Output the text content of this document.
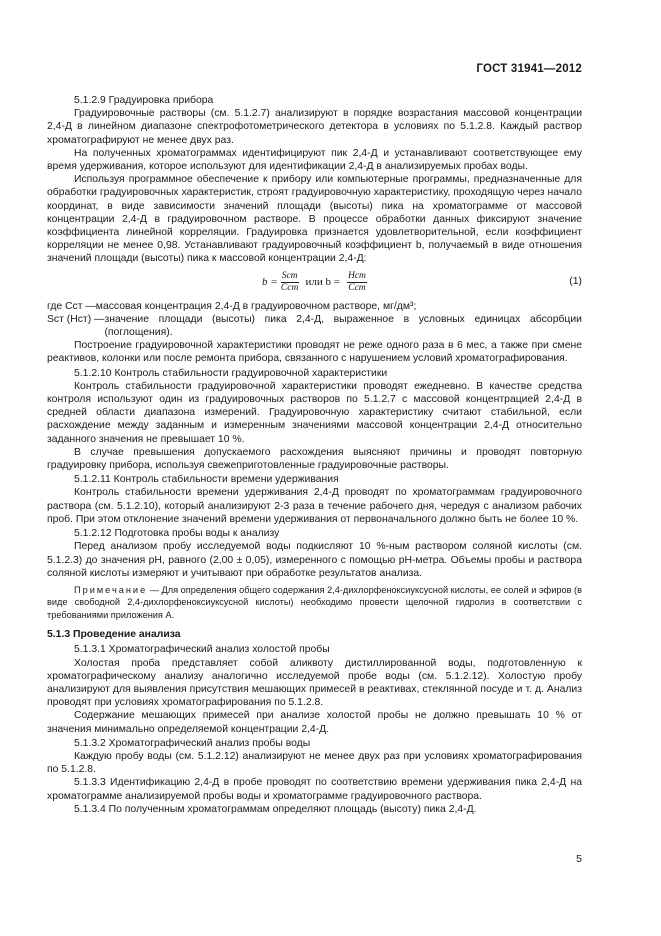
ГОСТ 31941—2012

5.1.2.9 Градуировка прибора

Градуировочные растворы (см. 5.1.2.7) анализируют в порядке возрастания массовой концентрации 2,4-Д в линейном диапазоне спектрофотометрического детектора в условиях по 5.1.2.8. Каждый раствор хроматографируют не менее двух раз.

На полученных хроматограммах идентифицируют пик 2,4-Д и устанавливают соответствующее ему время удерживания, которое используют для идентификации 2,4-Д в анализируемых пробах воды.

Используя программное обеспечение к прибору или компьютерные программы, предназначенные для обработки градуировочных характеристик, строят градуировочную характеристику, проходящую через начало координат, в виде зависимости значений площади (высоты) пика на хроматограмме от массовой концентрации 2,4-Д в градуировочном растворе. В процессе обработки данных фиксируют значение коэффициента линейной корреляции. Градуировка признается удовлетворительной, если коэффициент корреляции не менее 0,98. Устанавливают градуировочный коэффициент b, получаемый в виде отношения значений площади (высоты) пика к массовой концентрации 2,4-Д:

$b = \frac{\text{Sст}}{\text{Cст}}$ или $b = \frac{\text{Hст}}{\text{Cст}}$	(1)
где Cст — массовая концентрация 2,4-Д в градуировочном растворе, мг/дм³;
Sст (Hст) — значение площади (высоты) пика 2,4-Д, выраженное в условных единицах абсорбции (поглощения).

Построение градуировочной характеристики проводят не реже одного раза в 6 мес, а также при смене реактивов, колонки или после ремонта прибора, связанного с нарушением условий хроматографирования.

5.1.2.10 Контроль стабильности градуировочной характеристики

Контроль стабильности градуировочной характеристики проводят ежедневно. В качестве средства контроля используют один из градуировочных растворов по 5.1.2.7 с массовой концентрацией 2,4-Д в средней области диапазона измерений. Градуировочную характеристику считают стабильной, если расхождение между заданным и измеренным значениями массовой концентрации 2,4-Д относительно заданного значения не превышает 10 %.

В случае превышения допускаемого расхождения выясняют причины и проводят повторную градуировку прибора, используя свежеприготовленные градуировочные растворы.

5.1.2.11 Контроль стабильности времени удерживания

Контроль стабильности времени удерживания 2,4-Д проводят по хроматограммам градуировочного раствора (см. 5.1.2.10), который анализируют 2-3 раза в течение рабочего дня, чередуя с анализом рабочих проб. При этом отклонение значений времени удерживания от первоначального должно быть не более 10 %.

5.1.2.12 Подготовка пробы воды к анализу

Перед анализом пробу исследуемой воды подкисляют 10 %-ным раствором соляной кислоты (см. 5.1.2.3) до значения pH, равного (2,00 ± 0,05), измеренного с помощью pH-метра. Объемы пробы и раствора соляной кислоты измеряют и учитывают при обработке результатов анализа.

Примечание — Для определения общего содержания 2,4-дихлорфеноксиуксусной кислоты, ее солей и эфиров (в виде свободной 2,4-дихлорфеноксиуксусной кислоты) необходимо провести щелочной гидролиз в соответствии с требованиями приложения А.

5.1.3 Проведение анализа

5.1.3.1 Хроматографический анализ холостой пробы

Холостая проба представляет собой аликвоту дистиллированной воды, подготовленную к хроматографическому анализу аналогично исследуемой пробе воды (см. 5.1.2.12). Холостую пробу анализируют для выявления присутствия мешающих примесей в реактивах, стеклянной посуде и т. д. Анализ проводят при условиях хроматографирования по 5.1.2.8.

Содержание мешающих примесей при анализе холостой пробы не должно превышать 10 % от значения минимально определяемой концентрации 2,4-Д.

5.1.3.2 Хроматографический анализ пробы воды

Каждую пробу воды (см. 5.1.2.12) анализируют не менее двух раз при условиях хроматографирования по 5.1.2.8.

5.1.3.3 Идентификацию 2,4-Д в пробе проводят по соответствию времени удерживания пика 2,4-Д на хроматограмме анализируемой пробы воды и хроматограмме градуировочного раствора.

5.1.3.4 По полученным хроматограммам определяют площадь (высоту) пика 2,4-Д.

5
